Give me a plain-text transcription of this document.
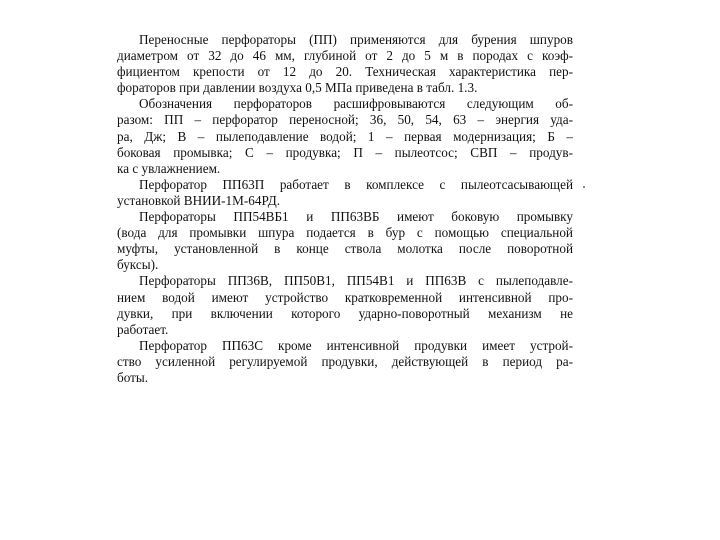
Переносные перфораторы (ПП) применяются для бурения шпуров
диаметром от 32 до 46 мм, глубиной от 2 до 5 м в породах с коэф-
фициентом крепости от 12 до 20. Техническая характеристика пер-
фораторов при давлении воздуха 0,5 МПа приведена в табл. 1.3.
Обозначения перфораторов расшифровываются следующим об-
разом: ПП – перфоратор переносной; 36, 50, 54, 63 – энергия уда-
ра, Дж; В – пылеподавление водой; 1 – первая модернизация; Б –
боковая промывка; С – продувка; П – пылеотсос; СВП – продув-
ка с увлажнением.
Перфоратор ПП63П работает в комплексе с пылеотсасывающей
установкой ВНИИ-1М-64РД.
Перфораторы ПП54ВБ1 и ПП63ВБ имеют боковую промывку
(вода для промывки шпура подается в бур с помощью специальной
муфты, установленной в конце ствола молотка после поворотной
буксы).
Перфораторы ПП36В, ПП50В1, ПП54В1 и ПП63В с пылеподавле-
нием водой имеют устройство кратковременной интенсивной про-
дувки, при включении которого ударно-поворотный механизм не
работает.
Перфоратор ПП63С кроме интенсивной продувки имеет устрой-
ство усиленной регулируемой продувки, действующей в период ра-
боты.
